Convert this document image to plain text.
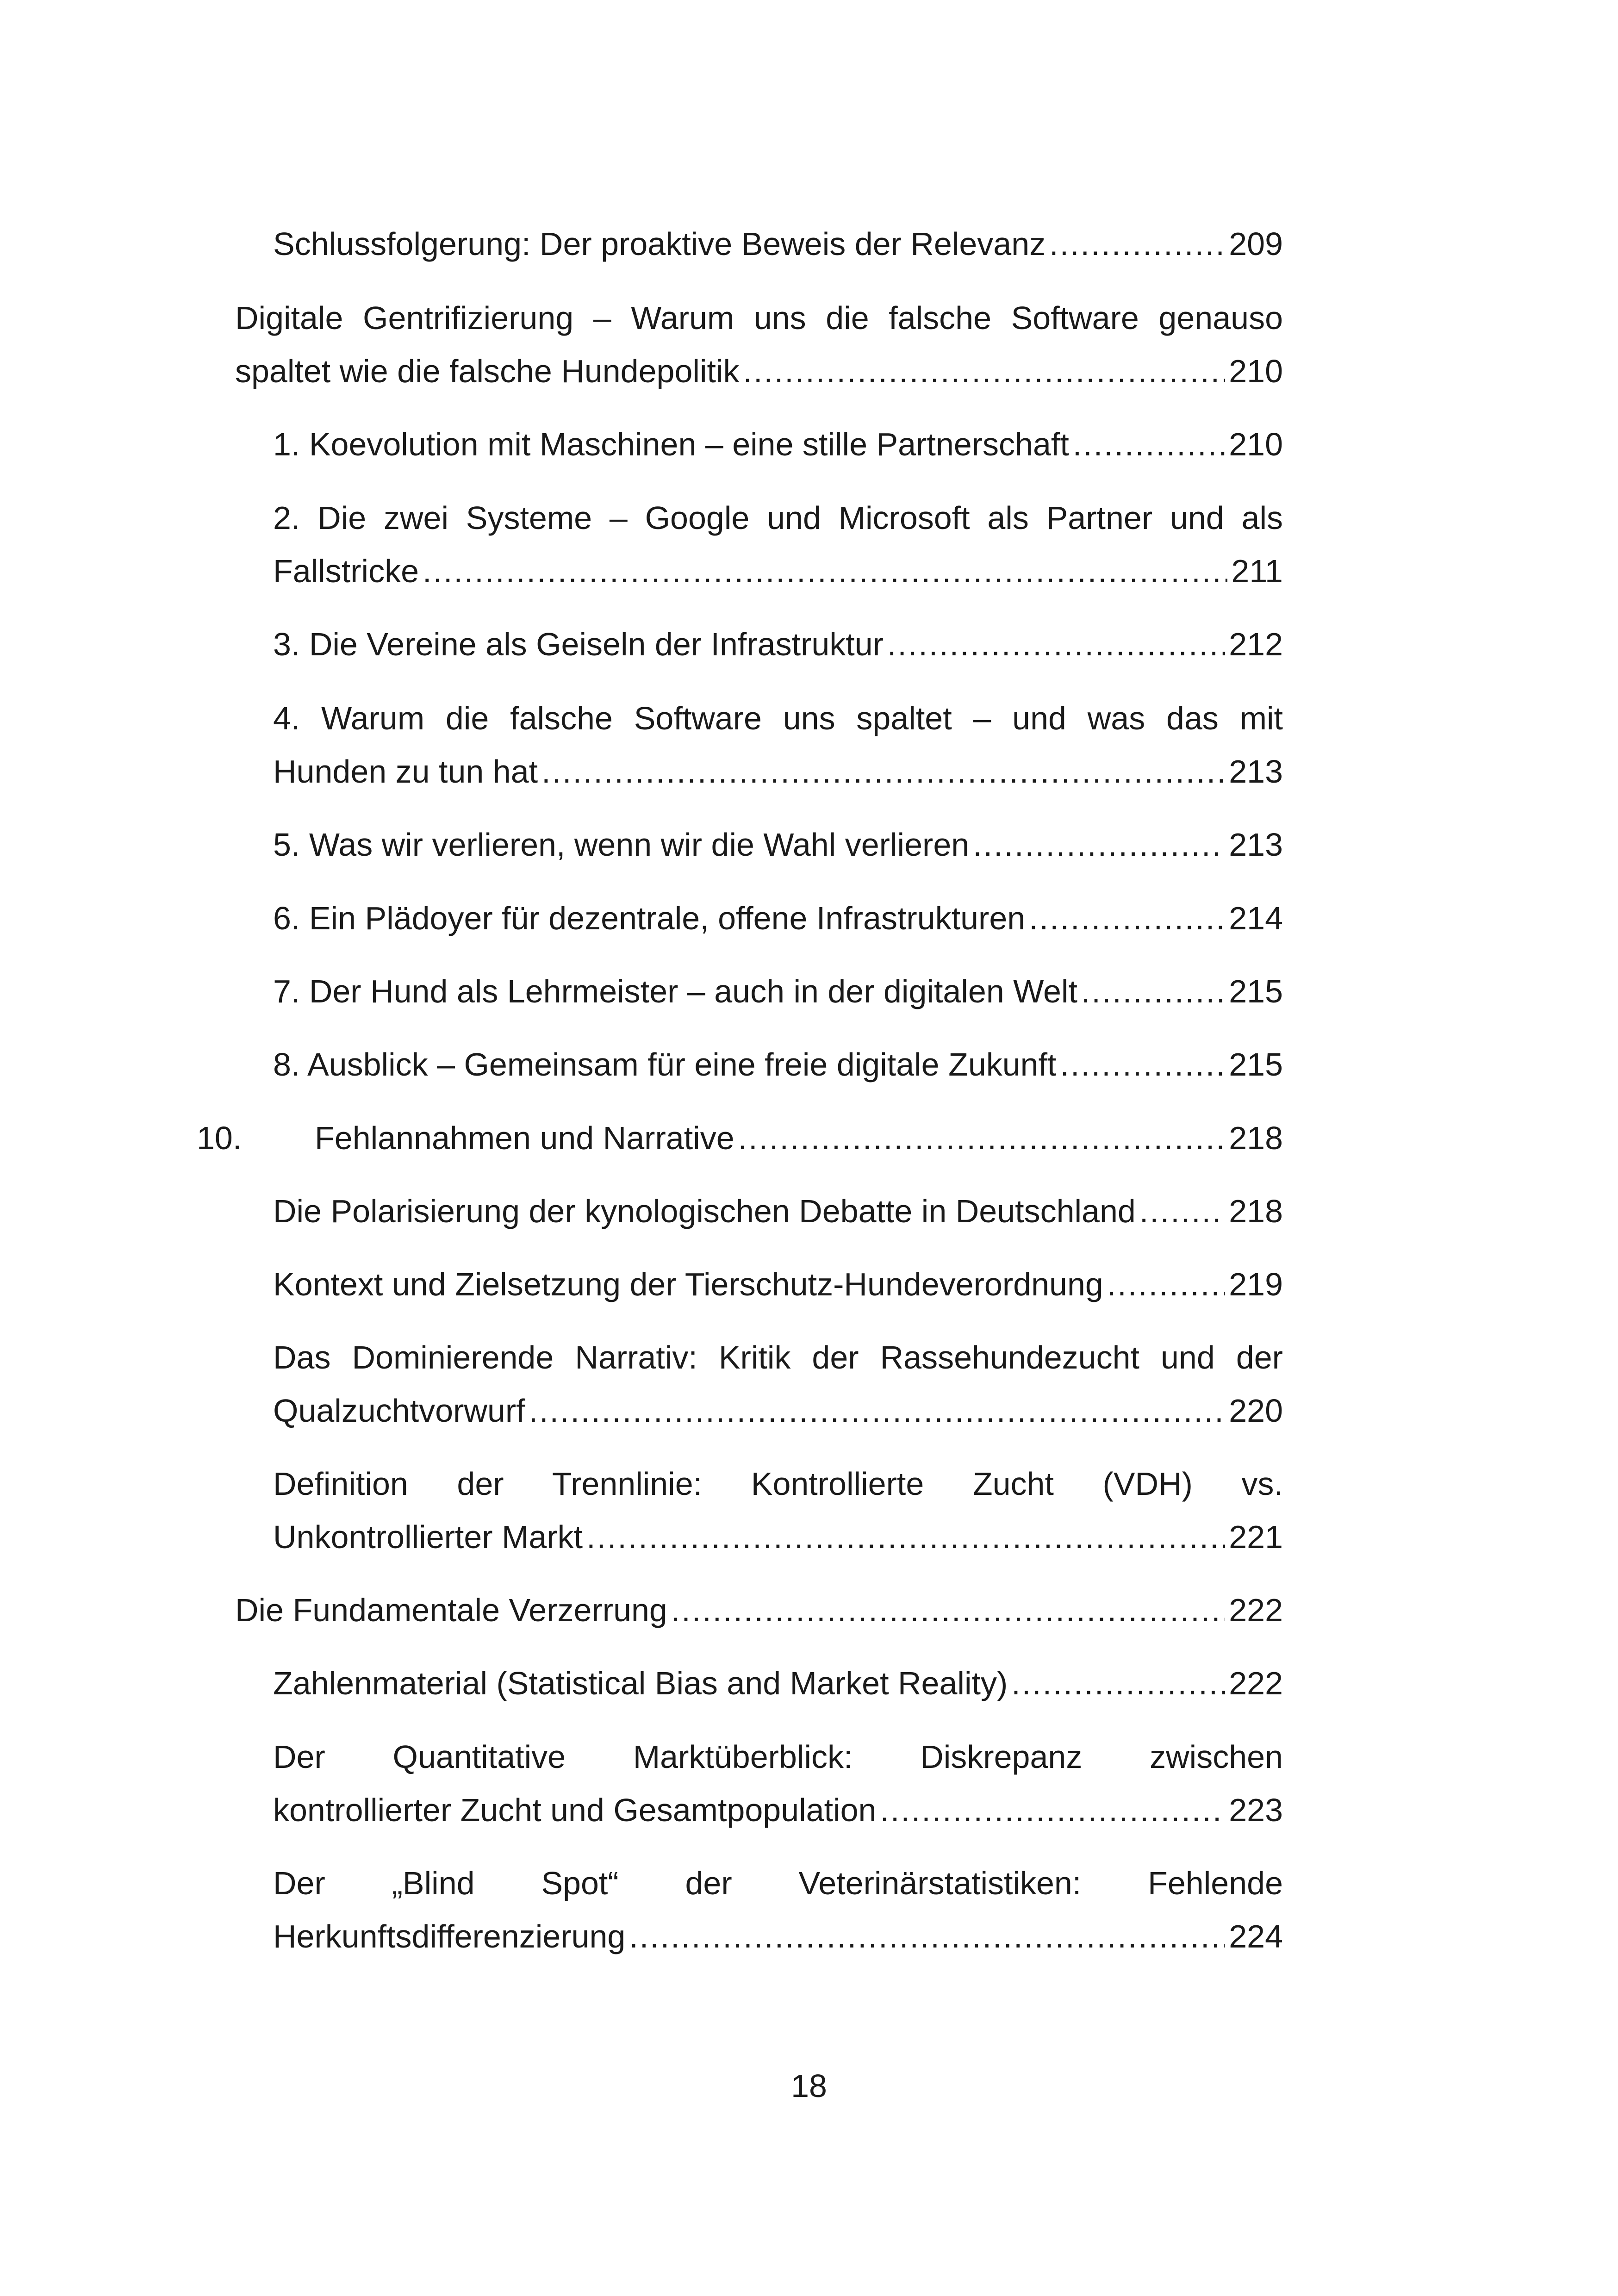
Schlussfolgerung: Der proaktive Beweis der Relevanz .....	209
Digitale Gentrifizierung – Warum uns die falsche Software genauso
spaltet wie die falsche Hundepolitik .....	210
1. Koevolution mit Maschinen – eine stille Partnerschaft .....	210
2. Die zwei Systeme – Google und Microsoft als Partner und als
Fallstricke .....	211
3. Die Vereine als Geiseln der Infrastruktur .....	212
4. Warum die falsche Software uns spaltet – und was das mit
Hunden zu tun hat .....	213
5. Was wir verlieren, wenn wir die Wahl verlieren .....	213
6. Ein Plädoyer für dezentrale, offene Infrastrukturen .....	214
7. Der Hund als Lehrmeister – auch in der digitalen Welt .....	215
8. Ausblick – Gemeinsam für eine freie digitale Zukunft .....	215
10. Fehlannahmen und Narrative .....	218
Die Polarisierung der kynologischen Debatte in Deutschland .....	218
Kontext und Zielsetzung der Tierschutz-Hundeverordnung .....	219
Das Dominierende Narrativ: Kritik der Rassehundezucht und der
Qualzuchtvorwurf .....	220
Definition der Trennlinie: Kontrollierte Zucht (VDH) vs.
Unkontrollierter Markt .....	221
Die Fundamentale Verzerrung .....	222
Zahlenmaterial (Statistical Bias and Market Reality) .....	222
Der Quantitative Marktüberblick: Diskrepanz zwischen
kontrollierter Zucht und Gesamtpopulation .....	223
Der „Blind Spot“ der Veterinärstatistiken: Fehlende
Herkunftsdifferenzierung .....	224
18
